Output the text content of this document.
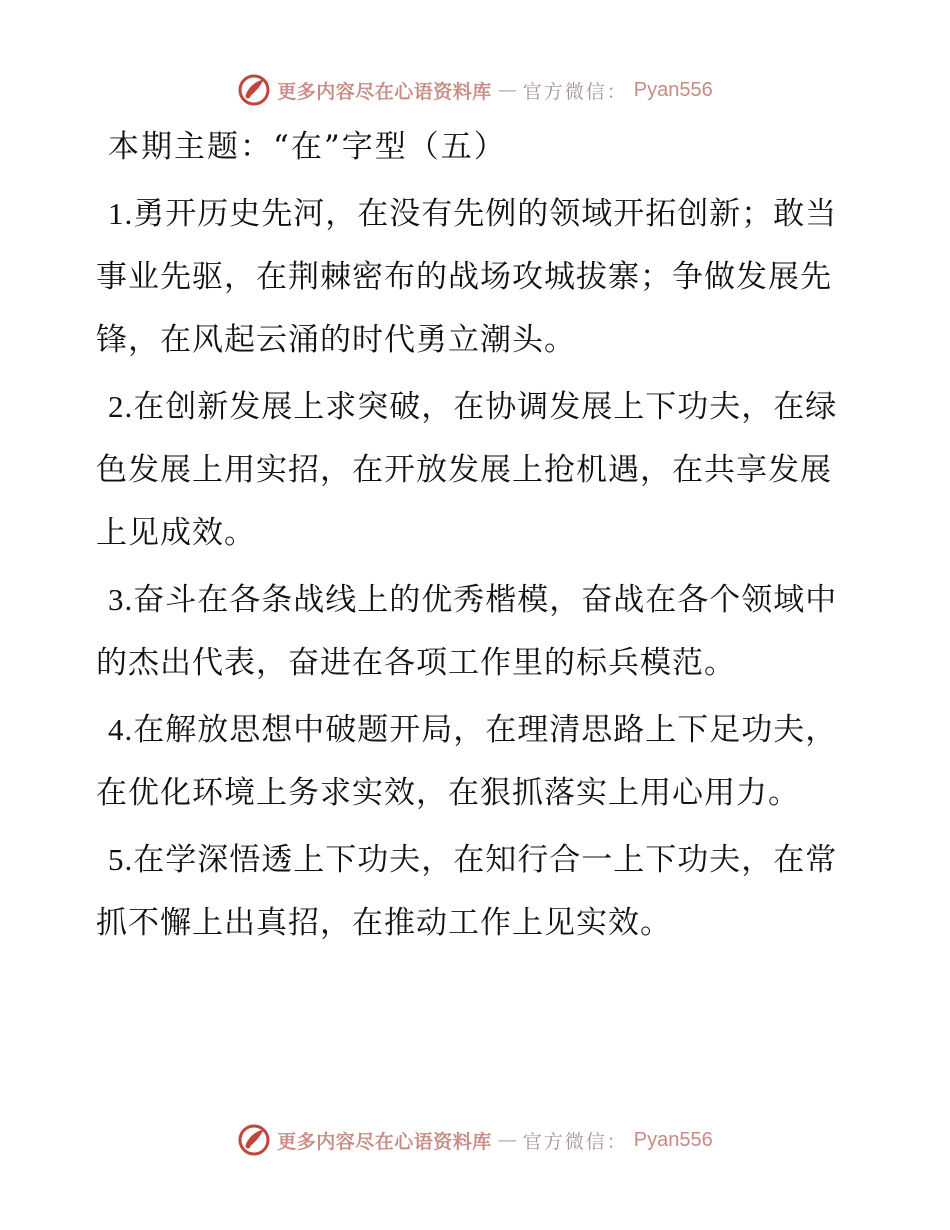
更多内容尽在心语资料库 — 官方微信： Pyan556
本期主题：“在”字型（五）

1.勇开历史先河，在没有先例的领域开拓创新；敢当事业先驱，在荆棘密布的战场攻城拔寨；争做发展先锋，在风起云涌的时代勇立潮头。

2.在创新发展上求突破，在协调发展上下功夫，在绿色发展上用实招，在开放发展上抢机遇，在共享发展上见成效。

3.奋斗在各条战线上的优秀楷模，奋战在各个领域中的杰出代表，奋进在各项工作里的标兵模范。

4.在解放思想中破题开局，在理清思路上下足功夫，在优化环境上务求实效，在狠抓落实上用心用力。

5.在学深悟透上下功夫，在知行合一上下功夫，在常抓不懈上出真招，在推动工作上见实效。

更多内容尽在心语资料库 — 官方微信： Pyan556
